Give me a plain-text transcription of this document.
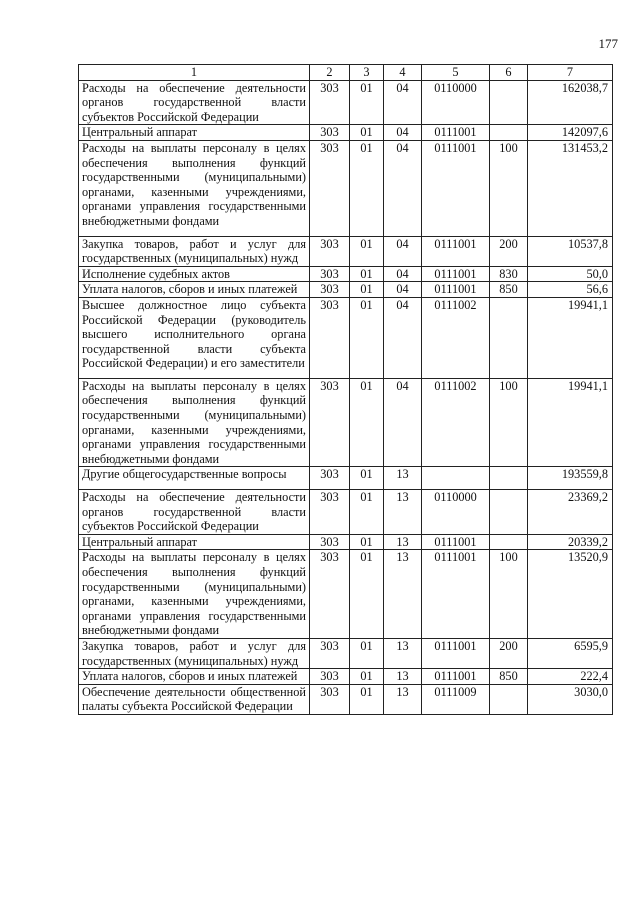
177
1	2	3	4	5	6	7
Расходы на обеспечение деятельности органов государственной власти субъектов Российской Федерации	303	01	04	0110000		162038,7
Центральный аппарат	303	01	04	0111001		142097,6
Расходы на выплаты персоналу в целях обеспечения выполнения функций государственными (муниципальными) органами, казенными учреждениями, органами управления государственными внебюджетными фондами	303	01	04	0111001	100	131453,2
Закупка товаров, работ и услуг для государственных (муниципальных) нужд	303	01	04	0111001	200	10537,8
Исполнение судебных актов	303	01	04	0111001	830	50,0
Уплата налогов, сборов и иных платежей	303	01	04	0111001	850	56,6
Высшее должностное лицо субъекта Российской Федерации (руководитель высшего исполнительного органа государственной власти субъекта Российской Федерации) и его заместители	303	01	04	0111002		19941,1
Расходы на выплаты персоналу в целях обеспечения выполнения функций государственными (муниципальными) органами, казенными учреждениями, органами управления государственными внебюджетными фондами	303	01	04	0111002	100	19941,1
Другие общегосударственные вопросы	303	01	13			193559,8
Расходы на обеспечение деятельности органов государственной власти субъектов Российской Федерации	303	01	13	0110000		23369,2
Центральный аппарат	303	01	13	0111001		20339,2
Расходы на выплаты персоналу в целях обеспечения выполнения функций государственными (муниципальными) органами, казенными учреждениями, органами управления государственными внебюджетными фондами	303	01	13	0111001	100	13520,9
Закупка товаров, работ и услуг для государственных (муниципальных) нужд	303	01	13	0111001	200	6595,9
Уплата налогов, сборов и иных платежей	303	01	13	0111001	850	222,4
Обеспечение деятельности общественной палаты субъекта Российской Федерации	303	01	13	0111009		3030,0
